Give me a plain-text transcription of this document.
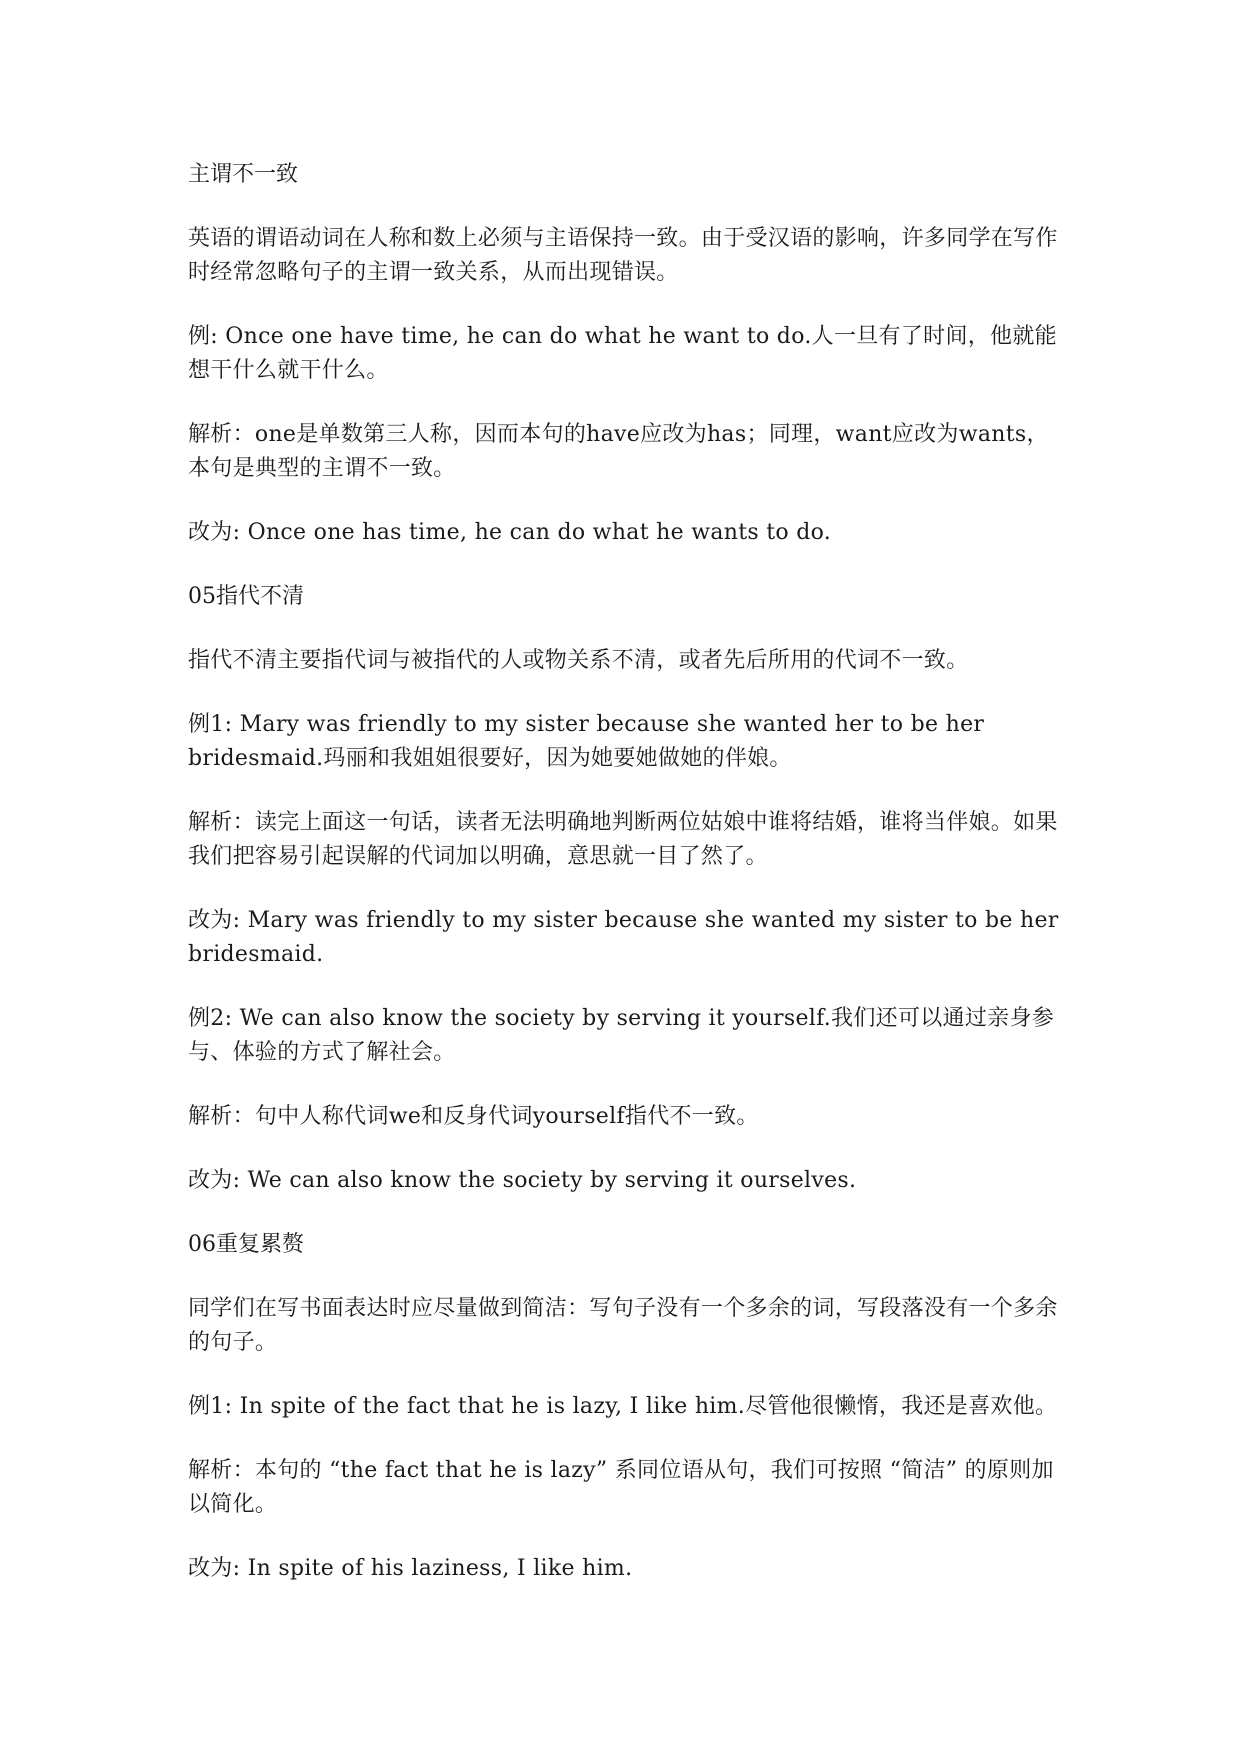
主谓不一致

英语的谓语动词在人称和数上必须与主语保持一致。由于受汉语的影响，许多同学在写作时经常忽略句子的主谓一致关系，从而出现错误。

例: Once one have time, he can do what he want to do.人一旦有了时间，他就能想干什么就干什么。

解析：one是单数第三人称，因而本句的have应改为has；同理，want应改为wants，本句是典型的主谓不一致。

改为: Once one has time, he can do what he wants to do.

05指代不清

指代不清主要指代词与被指代的人或物关系不清，或者先后所用的代词不一致。

例1: Mary was friendly to my sister because she wanted her to be her bridesmaid.玛丽和我姐姐很要好，因为她要她做她的伴娘。

解析：读完上面这一句话，读者无法明确地判断两位姑娘中谁将结婚，谁将当伴娘。如果我们把容易引起误解的代词加以明确，意思就一目了然了。

改为: Mary was friendly to my sister because she wanted my sister to be her bridesmaid.

例2: We can also know the society by serving it yourself.我们还可以通过亲身参与、体验的方式了解社会。

解析：句中人称代词we和反身代词yourself指代不一致。

改为: We can also know the society by serving it ourselves.

06重复累赘

同学们在写书面表达时应尽量做到简洁：写句子没有一个多余的词，写段落没有一个多余的句子。

例1: In spite of the fact that he is lazy, I like him.尽管他很懒惰，我还是喜欢他。

解析：本句的 “the fact that he is lazy” 系同位语从句，我们可按照 “简洁” 的原则加以简化。

改为: In spite of his laziness, I like him.
